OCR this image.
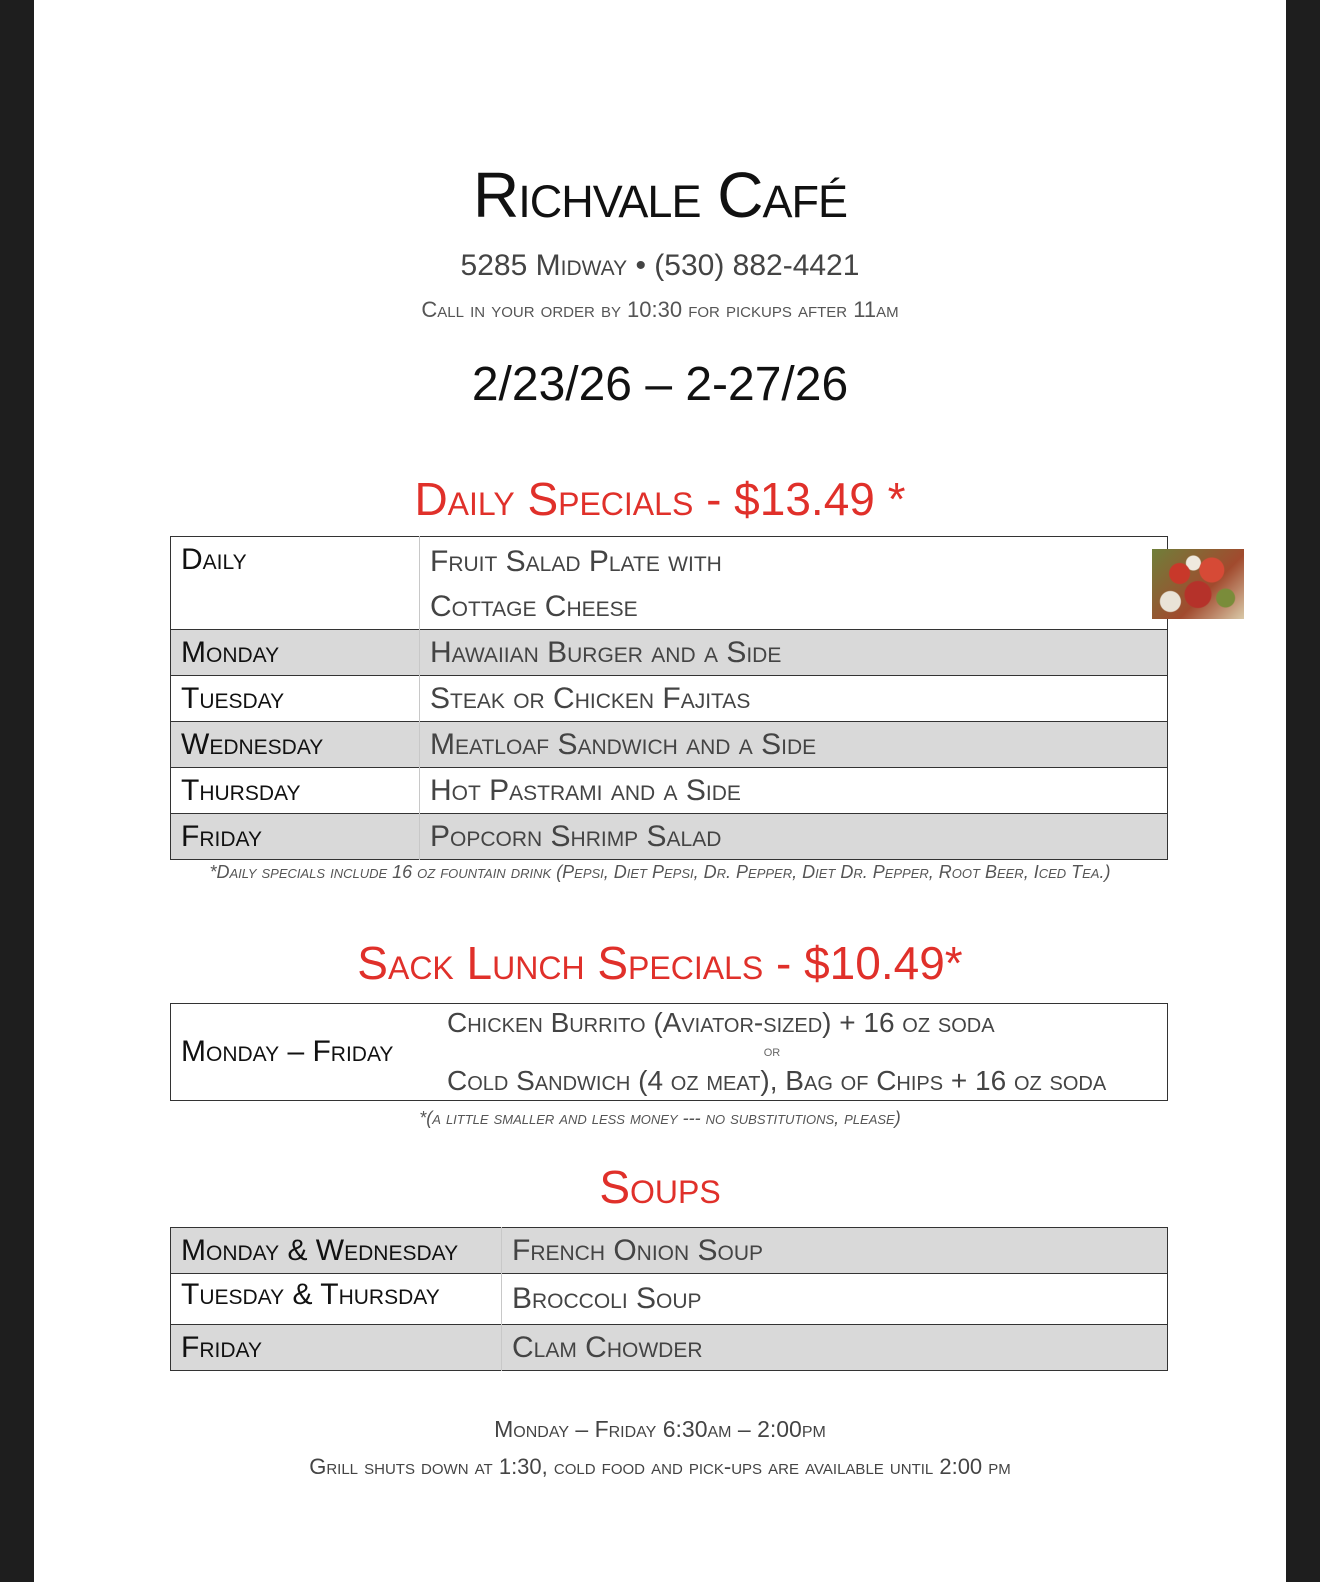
Richvale Café
5285 Midway • (530) 882-4421
Call in your order by 10:30 for pickups after 11am
2/23/26 – 2-27/26
Daily Specials - $13.49 *
Daily	Fruit Salad Plate with
Cottage Cheese

Monday	Hawaiian Burger and a Side
Tuesday	Steak or Chicken Fajitas
Wednesday	Meatloaf Sandwich and a Side
Thursday	Hot Pastrami and a Side
Friday	Popcorn Shrimp Salad
*Daily specials include 16 oz fountain drink (Pepsi, Diet Pepsi, Dr. Pepper, Diet Dr. Pepper, Root Beer, Iced Tea.)
Sack Lunch Specials - $10.49*
Monday – Friday	Chicken Burrito (Aviator-sized) + 16 oz soda
or
Cold Sandwich (4 oz meat), Bag of Chips + 16 oz soda
*(a little smaller and less money --- no substitutions, please)
Soups
Monday & Wednesday	French Onion Soup
Tuesday & Thursday	Broccoli Soup
Friday	Clam Chowder
Monday – Friday 6:30am – 2:00pm
Grill shuts down at 1:30, cold food and pick-ups are available until 2:00 pm
